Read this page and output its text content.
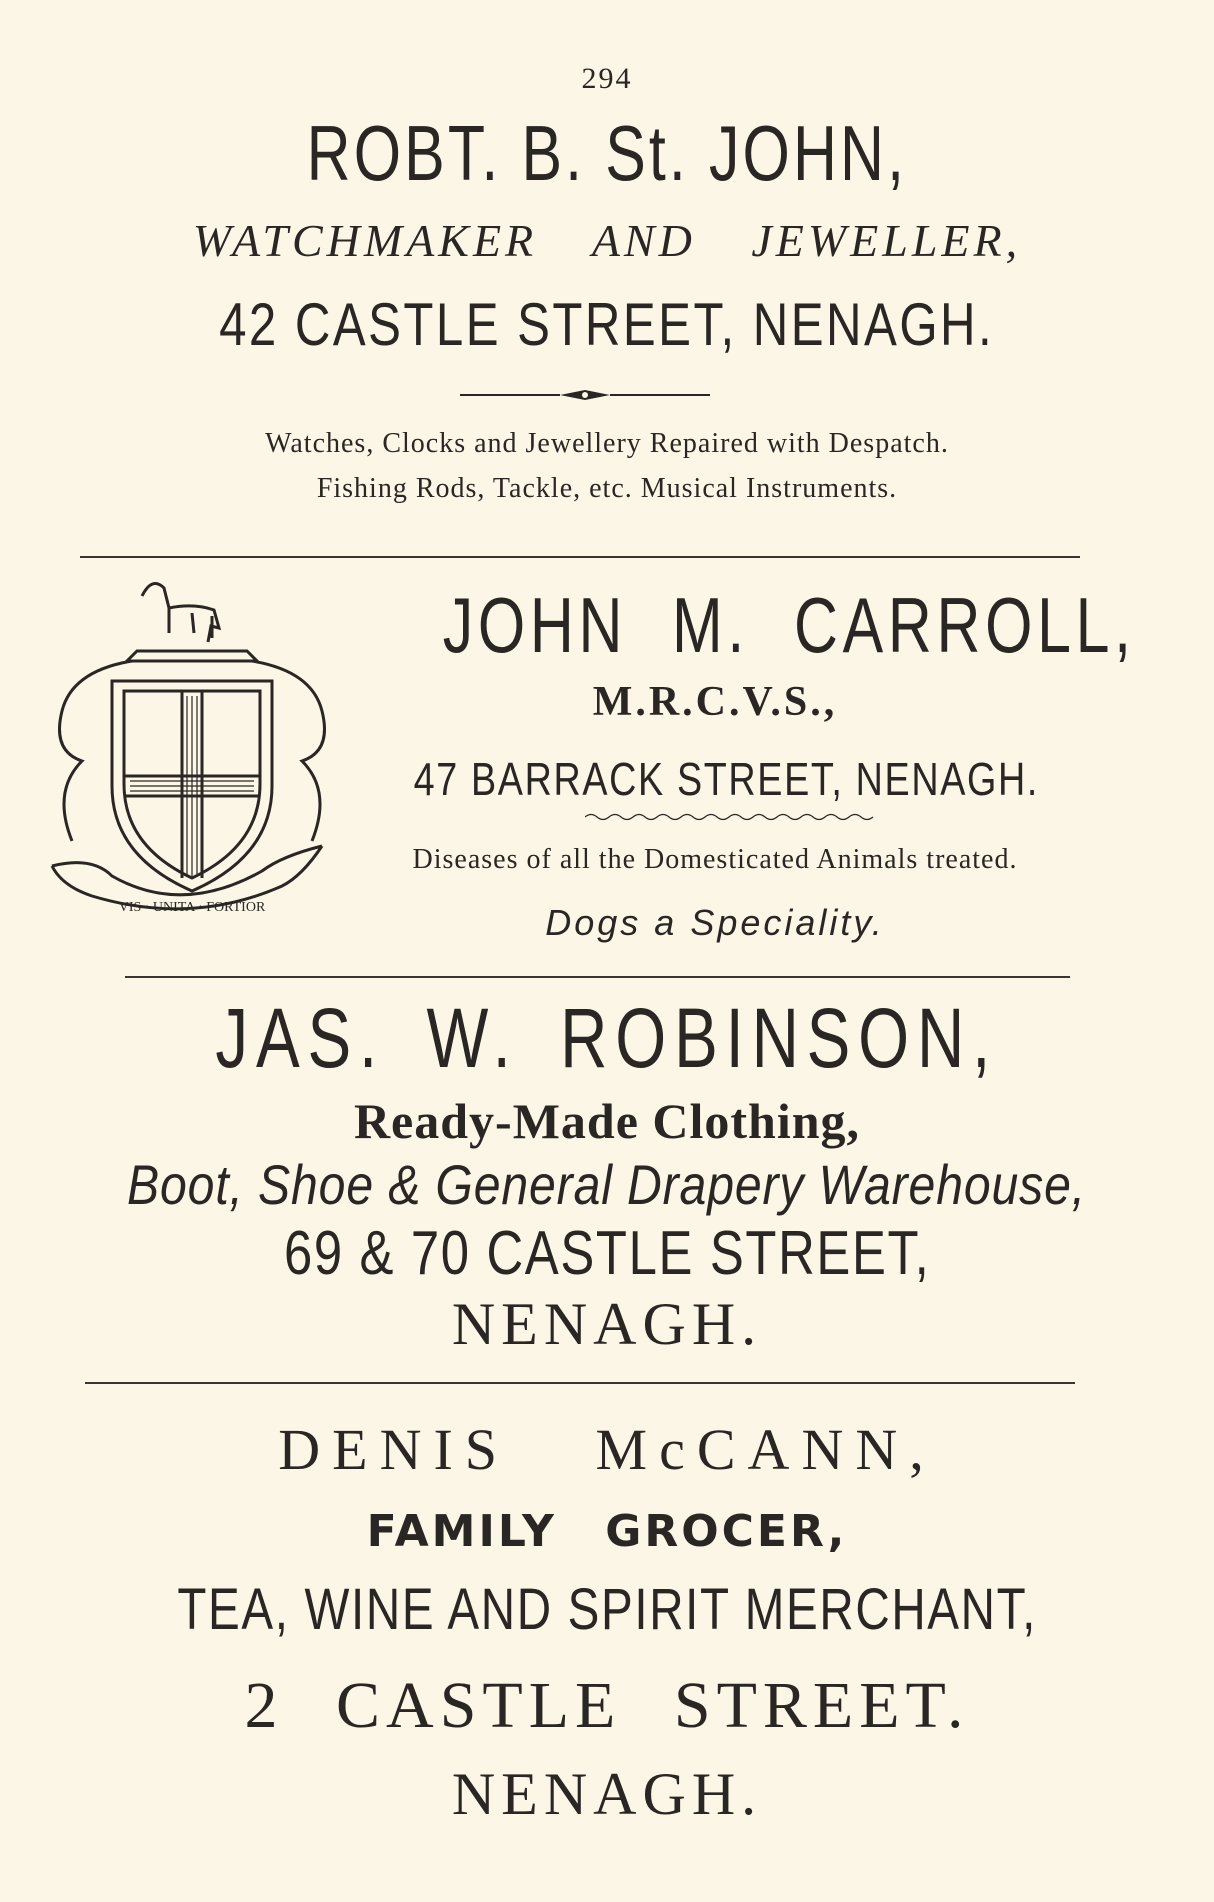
294
ROBT. B. St. JOHN,
WATCHMAKER AND JEWELLER,
42 CASTLE STREET, NENAGH.
Watches, Clocks and Jewellery Repaired with Despatch.
Fishing Rods, Tackle, etc. Musical Instruments.
VIS · UNITA · FORTIOR
JOHN M. CARROLL,
M.R.C.V.S.,
47 BARRACK STREET, NENAGH.
Diseases of all the Domesticated Animals treated.
Dogs a Speciality.
JAS. W. ROBINSON,
Ready-Made Clothing,
Boot, Shoe & General Drapery Warehouse,
69 & 70 CASTLE STREET,
NENAGH.
DENIS McCANN,
FAMILY GROCER,
TEA, WINE AND SPIRIT MERCHANT,
2 CASTLE STREET.
NENAGH.
